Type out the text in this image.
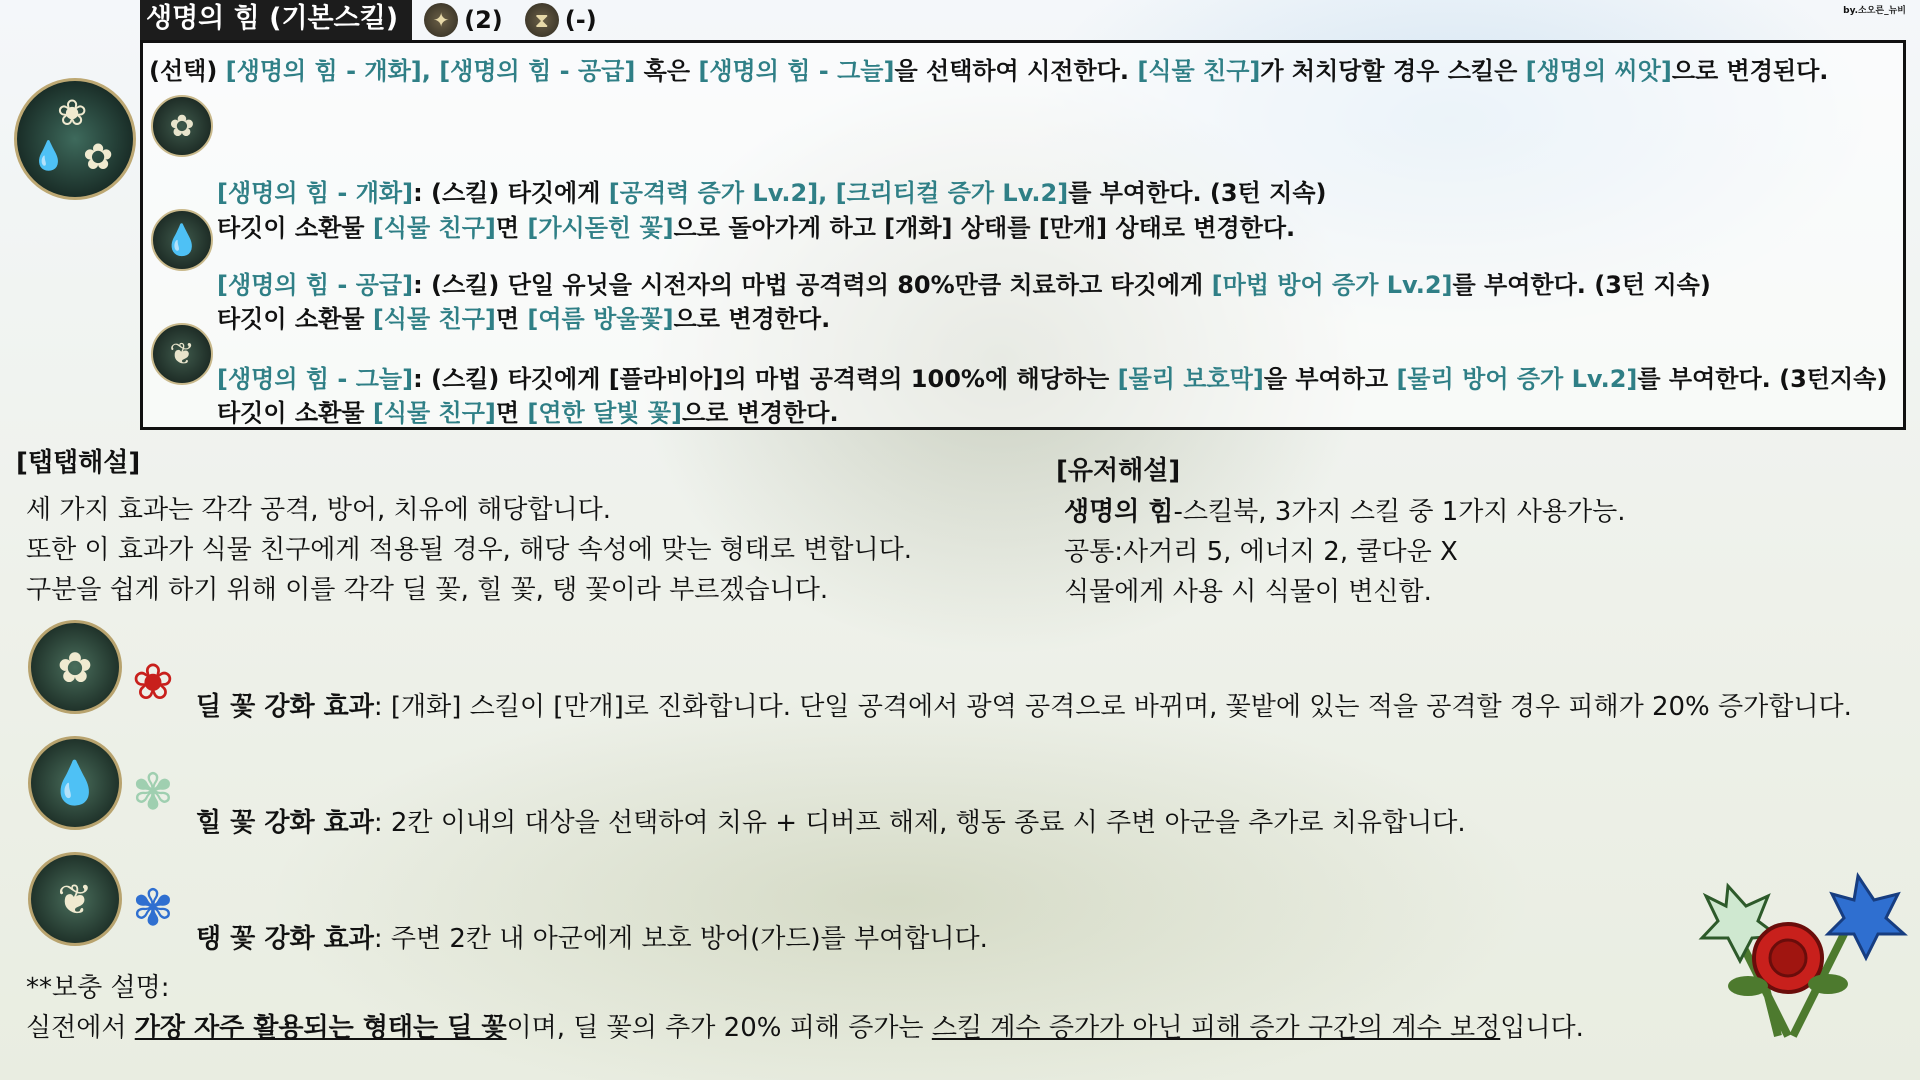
생명의 힘 (기본스킬)	✦ (2)	⧗ (-)	by.소오른_뉴비
❀
💧 ✿
(선택) [생명의 힘 - 개화], [생명의 힘 - 공급] 혹은 [생명의 힘 - 그늘]을 선택하여 시전한다. [식물 친구]가 처치당할 경우 스킬은 [생명의 씨앗]으로 변경된다.
✿
[생명의 힘 - 개화]: (스킬) 타깃에게 [공격력 증가 Lv.2], [크리티컬 증가 Lv.2]를 부여한다. (3턴 지속)
타깃이 소환물 [식물 친구]면 [가시돋힌 꽃]으로 돌아가게 하고 [개화] 상태를 [만개] 상태로 변경한다.
💧
[생명의 힘 - 공급]: (스킬) 단일 유닛을 시전자의 마법 공격력의 80%만큼 치료하고 타깃에게 [마법 방어 증가 Lv.2]를 부여한다. (3턴 지속)
타깃이 소환물 [식물 친구]면 [여름 방울꽃]으로 변경한다.
❦
[생명의 힘 - 그늘]: (스킬) 타깃에게 [플라비아]의 마법 공격력의 100%에 해당하는 [물리 보호막]을 부여하고 [물리 방어 증가 Lv.2]를 부여한다. (3턴지속)
타깃이 소환물 [식물 친구]면 [연한 달빛 꽃]으로 변경한다.
[탭탭해설]
세 가지 효과는 각각 공격, 방어, 치유에 해당합니다.
또한 이 효과가 식물 친구에게 적용될 경우, 해당 속성에 맞는 형태로 변합니다.
구분을 쉽게 하기 위해 이를 각각 딜 꽃, 힐 꽃, 탱 꽃이라 부르겠습니다.
[유저해설]
생명의 힘-스킬북, 3가지 스킬 중 1가지 사용가능.
공통:사거리 5, 에너지 2, 쿨다운 X
식물에게 사용 시 식물이 변신함.
✿ ❀ 딜 꽃 강화 효과: [개화] 스킬이 [만개]로 진화합니다. 단일 공격에서 광역 공격으로 바뀌며, 꽃밭에 있는 적을 공격할 경우 피해가 20% 증가합니다.
💧 ✾
힐 꽃 강화 효과: 2칸 이내의 대상을 선택하여 치유 + 디버프 해제, 행동 종료 시 주변 아군을 추가로 치유합니다.
❦ ✾
탱 꽃 강화 효과: 주변 2칸 내 아군에게 보호 방어(가드)를 부여합니다.
**보충 설명:
실전에서 가장 자주 활용되는 형태는 딜 꽃이며, 딜 꽃의 추가 20% 피해 증가는 스킬 계수 증가가 아닌 피해 증가 구간의 계수 보정입니다.
